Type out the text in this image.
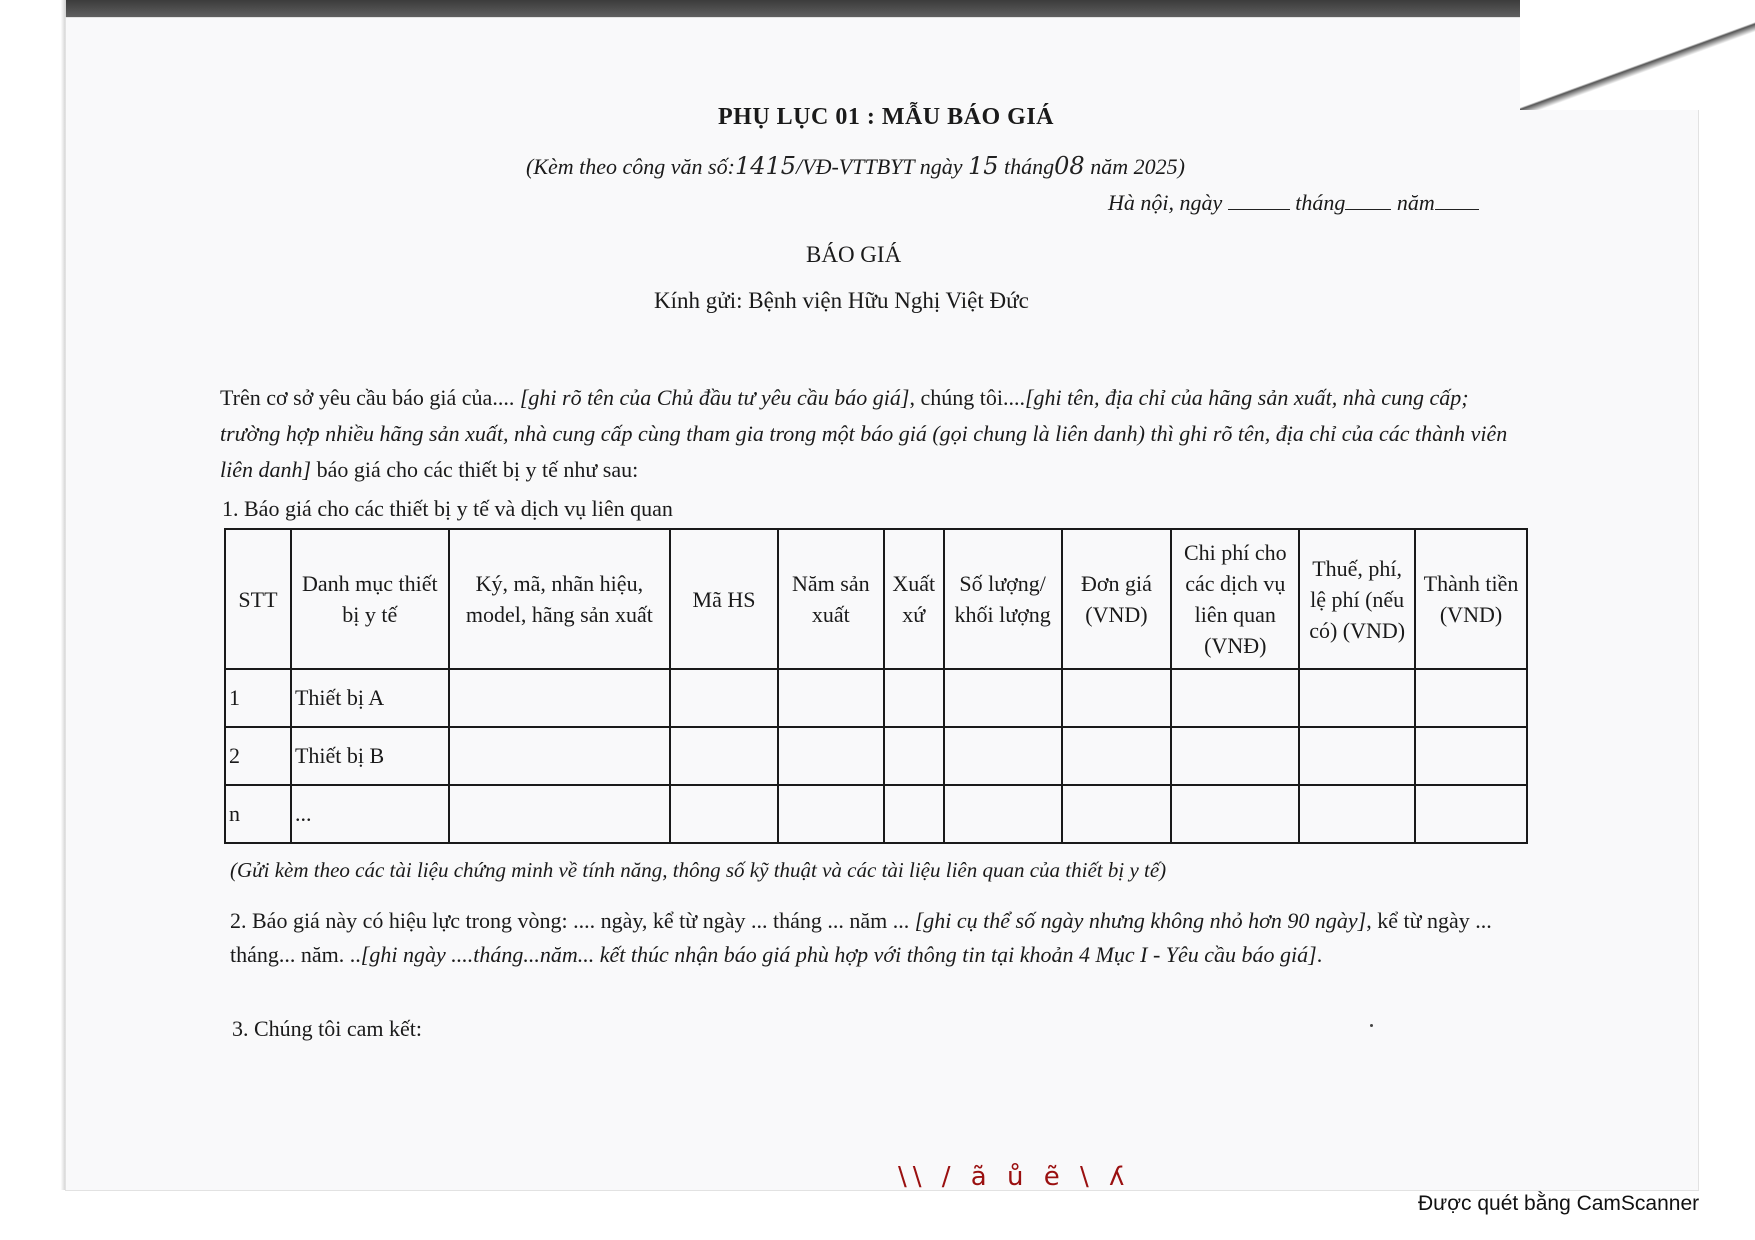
PHỤ LỤC 01 : MẪU BÁO GIÁ
(Kèm theo công văn số:1415/VĐ-VTTBYT ngày 15 tháng08 năm 2025)
Hà nội, ngày	tháng năm
BÁO GIÁ
Kính gửi: Bệnh viện Hữu Nghị Việt Đức
Trên cơ sở yêu cầu báo giá của.... [ghi rõ tên của Chủ đầu tư yêu cầu báo giá], chúng tôi....[ghi tên, địa chỉ của hãng sản xuất, nhà cung cấp; trường hợp nhiều hãng sản xuất, nhà cung cấp cùng tham gia trong một báo giá (gọi chung là liên danh) thì ghi rõ tên, địa chỉ của các thành viên liên danh] báo giá cho các thiết bị y tế như sau:
1. Báo giá cho các thiết bị y tế và dịch vụ liên quan
STT	Danh mục thiết bị y tế	Ký, mã, nhãn hiệu, model, hãng sản xuất	Mã HS	Năm sản xuất	Xuất xứ	Số lượng/ khối lượng	Đơn giá (VND)	Chi phí cho các dịch vụ liên quan (VNĐ)	Thuế, phí, lệ phí (nếu có) (VND)	Thành tiền (VND)
1	Thiết bị A									
2	Thiết bị B									
n	...									
(Gửi kèm theo các tài liệu chứng minh về tính năng, thông số kỹ thuật và các tài liệu liên quan của thiết bị y tế)
2. Báo giá này có hiệu lực trong vòng: .... ngày, kể từ ngày ... tháng ... năm ... [ghi cụ thể số ngày nhưng không nhỏ hơn 90 ngày], kể từ ngày ... tháng... năm. ..[ghi ngày ....tháng...năm... kết thúc nhận báo giá phù hợp với thông tin tại khoản 4 Mục I - Yêu cầu báo giá].
3. Chúng tôi cam kết:
\\ / ã ů ẽ \ ʎ
Được quét bằng CamScanner
